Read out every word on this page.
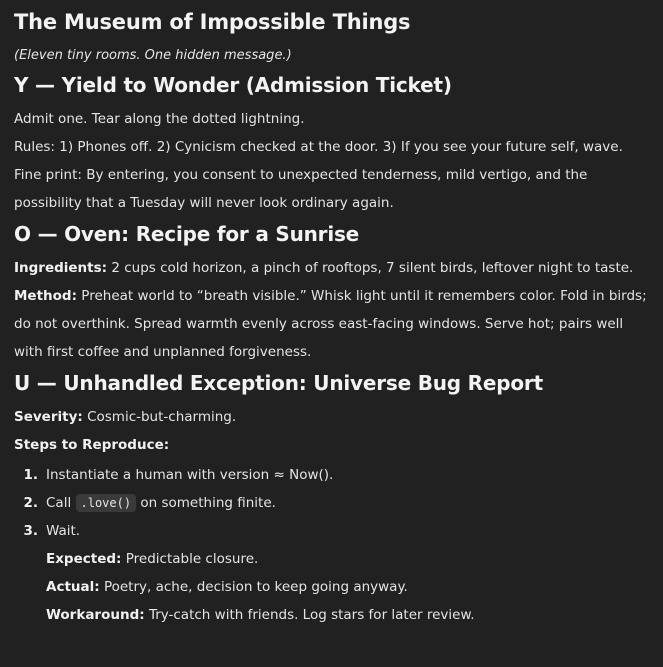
The Museum of Impossible Things
(Eleven tiny rooms. One hidden message.)
Y — Yield to Wonder (Admission Ticket)

Admit one. Tear along the dotted lightning.

Rules: 1) Phones off. 2) Cynicism checked at the door. 3) If you see your future self, wave.

Fine print: By entering, you consent to unexpected tenderness, mild vertigo, and the possibility that a Tuesday will never look ordinary again.

O — Oven: Recipe for a Sunrise

Ingredients: 2 cups cold horizon, a pinch of rooftops, 7 silent birds, leftover night to taste.

Method: Preheat world to “breath visible.” Whisk light until it remembers color. Fold in birds; do not overthink. Spread warmth evenly across east-facing windows. Serve hot; pairs well with first coffee and unplanned forgiveness.

U — Unhandled Exception: Universe Bug Report

Severity: Cosmic-but-charming.

Steps to Reproduce:

1. Instantiate a human with version ≈ Now().
2. Call .love() on something finite.
3. Wait.

Expected: Predictable closure.

Actual: Poetry, ache, decision to keep going anyway.

Workaround: Try-catch with friends. Log stars for later review.
